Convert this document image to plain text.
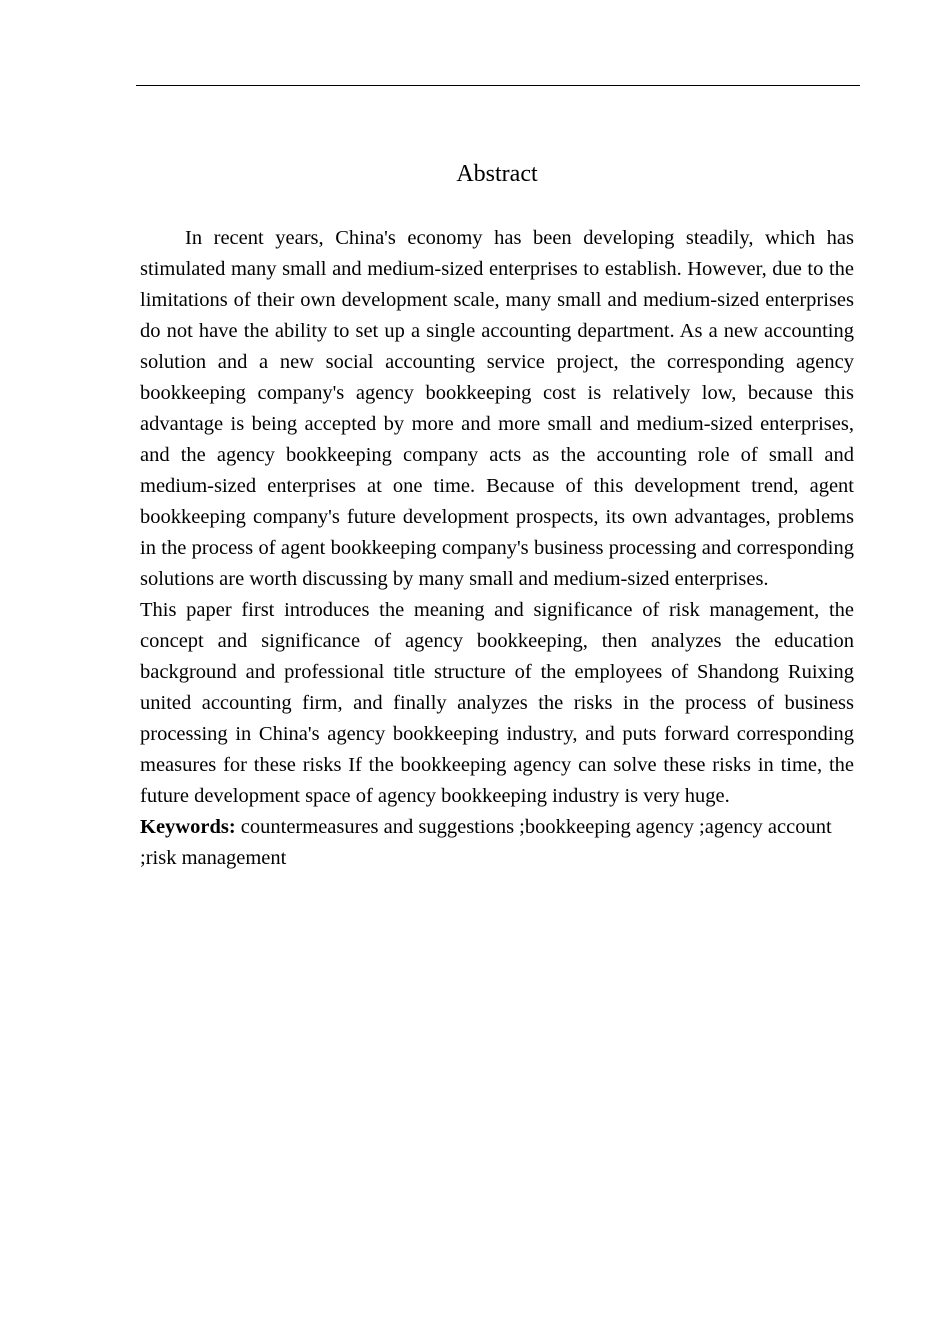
Abstract

In recent years, China's economy has been developing steadily, which has stimulated many small and medium-sized enterprises to establish. However, due to the limitations of their own development scale, many small and medium-sized enterprises do not have the ability to set up a single accounting department. As a new accounting solution and a new social accounting service project, the corresponding agency bookkeeping company's agency bookkeeping cost is relatively low, because this advantage is being accepted by more and more small and medium-sized enterprises, and the agency bookkeeping company acts as the accounting role of small and medium-sized enterprises at one time. Because of this development trend, agent bookkeeping company's future development prospects, its own advantages, problems in the process of agent bookkeeping company's business processing and corresponding solutions are worth discussing by many small and medium-sized enterprises.

This paper first introduces the meaning and significance of risk management, the concept and significance of agency bookkeeping, then analyzes the education background and professional title structure of the employees of Shandong Ruixing united accounting firm, and finally analyzes the risks in the process of business processing in China's agency bookkeeping industry, and puts forward corresponding measures for these risks If the bookkeeping agency can solve these risks in time, the future development space of agency bookkeeping industry is very huge.

Keywords: countermeasures and suggestions ;bookkeeping agency ;agency account ;risk management
